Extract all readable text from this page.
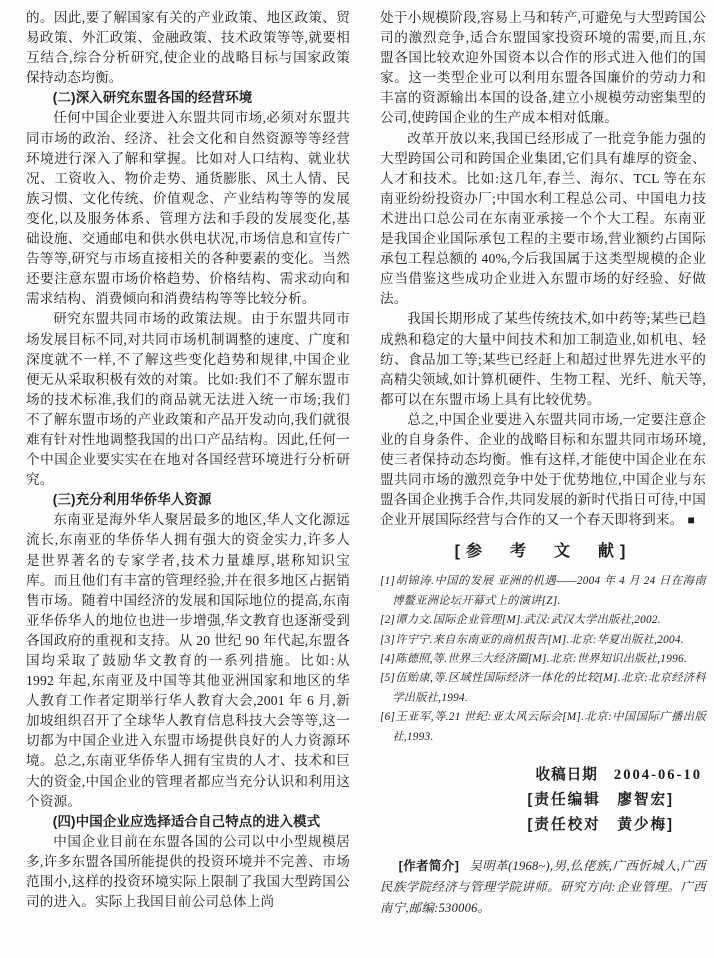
的。因此,要了解国家有关的产业政策、地区政策、贸易政策、外汇政策、金融政策、技术政策等等,就要相互结合,综合分析研究,使企业的战略目标与国家政策保持动态均衡。

(二)深入研究东盟各国的经营环境

任何中国企业要进入东盟共同市场,必须对东盟共同市场的政治、经济、社会文化和自然资源等等经营环境进行深入了解和掌握。比如对人口结构、就业状况、工资收入、物价走势、通货膨胀、风土人情、民族习惯、文化传统、价值观念、产业结构等等的发展变化,以及服务体系、管理方法和手段的发展变化,基础设施、交通邮电和供水供电状况,市场信息和宣传广告等等,研究与市场直接相关的各种要素的变化。当然还要注意东盟市场价格趋势、价格结构、需求动向和需求结构、消费倾向和消费结构等等比较分析。

研究东盟共同市场的政策法规。由于东盟共同市场发展目标不同,对共同市场机制调整的速度、广度和深度就不一样,不了解这些变化趋势和规律,中国企业便无从采取积极有效的对策。比如:我们不了解东盟市场的技术标准,我们的商品就无法进入统一市场;我们不了解东盟市场的产业政策和产品开发动向,我们就很难有针对性地调整我国的出口产品结构。因此,任何一个中国企业要实实在在地对各国经营环境进行分析研究。

(三)充分利用华侨华人资源

东南亚是海外华人聚居最多的地区,华人文化源远流长,东南亚的华侨华人拥有强大的资金实力,许多人是世界著名的专家学者,技术力量雄厚,堪称知识宝库。而且他们有丰富的管理经验,并在很多地区占据销售市场。随着中国经济的发展和国际地位的提高,东南亚华侨华人的地位也进一步增强,华文教育也逐渐受到各国政府的重视和支持。从 20 世纪 90 年代起,东盟各国均采取了鼓励华文教育的一系列措施。比如:从 1992 年起,东南亚及中国等其他亚洲国家和地区的华人教育工作者定期举行华人教育大会,2001 年 6 月,新加坡组织召开了全球华人教育信息科技大会等等,这一切都为中国企业进入东盟市场提供良好的人力资源环境。总之,东南亚华侨华人拥有宝贵的人才、技术和巨大的资金,中国企业的管理者都应当充分认识和利用这个资源。

(四)中国企业应选择适合自己特点的进入模式

中国企业目前在东盟各国的公司以中小型规模居多,许多东盟各国所能提供的投资环境并不完善、市场范围小,这样的投资环境实际上限制了我国大型跨国公司的进入。实际上我国目前公司总体上尚

处于小规模阶段,容易上马和转产,可避免与大型跨国公司的激烈竞争,适合东盟国家投资环境的需要,而且,东盟各国比较欢迎外国资本以合作的形式进入他们的国家。这一类型企业可以利用东盟各国廉价的劳动力和丰富的资源输出本国的设备,建立小规模劳动密集型的公司,使跨国企业的生产成本相对低廉。

改革开放以来,我国已经形成了一批竞争能力强的大型跨国公司和跨国企业集团,它们具有雄厚的资金、人才和技术。比如:这几年,春兰、海尔、TCL 等在东南亚纷纷投资办厂;中国水利工程总公司、中国电力技术进出口总公司在东南亚承接一个个大工程。东南亚是我国企业国际承包工程的主要市场,营业额约占国际承包工程总额的 40%,今后我国属于这类型规模的企业应当借鉴这些成功企业进入东盟市场的好经验、好做法。

我国长期形成了某些传统技术,如中药等;某些已趋成熟和稳定的大量中间技术和加工制造业,如机电、轻纺、食品加工等;某些已经赶上和超过世界先进水平的高精尖领域,如计算机硬件、生物工程、光纤、航天等,都可以在东盟市场上具有比较优势。

总之,中国企业要进入东盟共同市场,一定要注意企业的自身条件、企业的战略目标和东盟共同市场环境,使三者保持动态均衡。惟有这样,才能使中国企业在东盟共同市场的激烈竞争中处于优势地位,中国企业与东盟各国企业携手合作,共同发展的新时代指日可待,中国企业开展国际经营与合作的又一个春天即将到来。 ■

[参　考　文　献]
[1]胡锦涛.中国的发展 亚洲的机遇——2004 年 4 月 24 日在海南博鳌亚洲论坛开幕式上的演讲[Z].
[2]谭力文.国际企业管理[M].武汉:武汉大学出版社,2002.
[3]许宁宁.来自东南亚的商机报告[M].北京:华夏出版社,2004.
[4]陈德照,等.世界三大经济圈[M].北京:世界知识出版社,1996.
[5]伍贻康,等.区域性国际经济一体化的比较[M].北京:北京经济科学出版社,1994.
[6]王亚军,等.21 世纪:亚太风云际会[M].北京:中国国际广播出版社,1993.
收稿日期 2004-06-10
[责任编辑　廖智宏]
[责任校对　黄少梅]
[作者简介] 吴明革(1968~),男,仫佬族,广西忻城人,广西民族学院经济与管理学院讲师。研究方向:企业管理。广西南宁,邮编:530006。
